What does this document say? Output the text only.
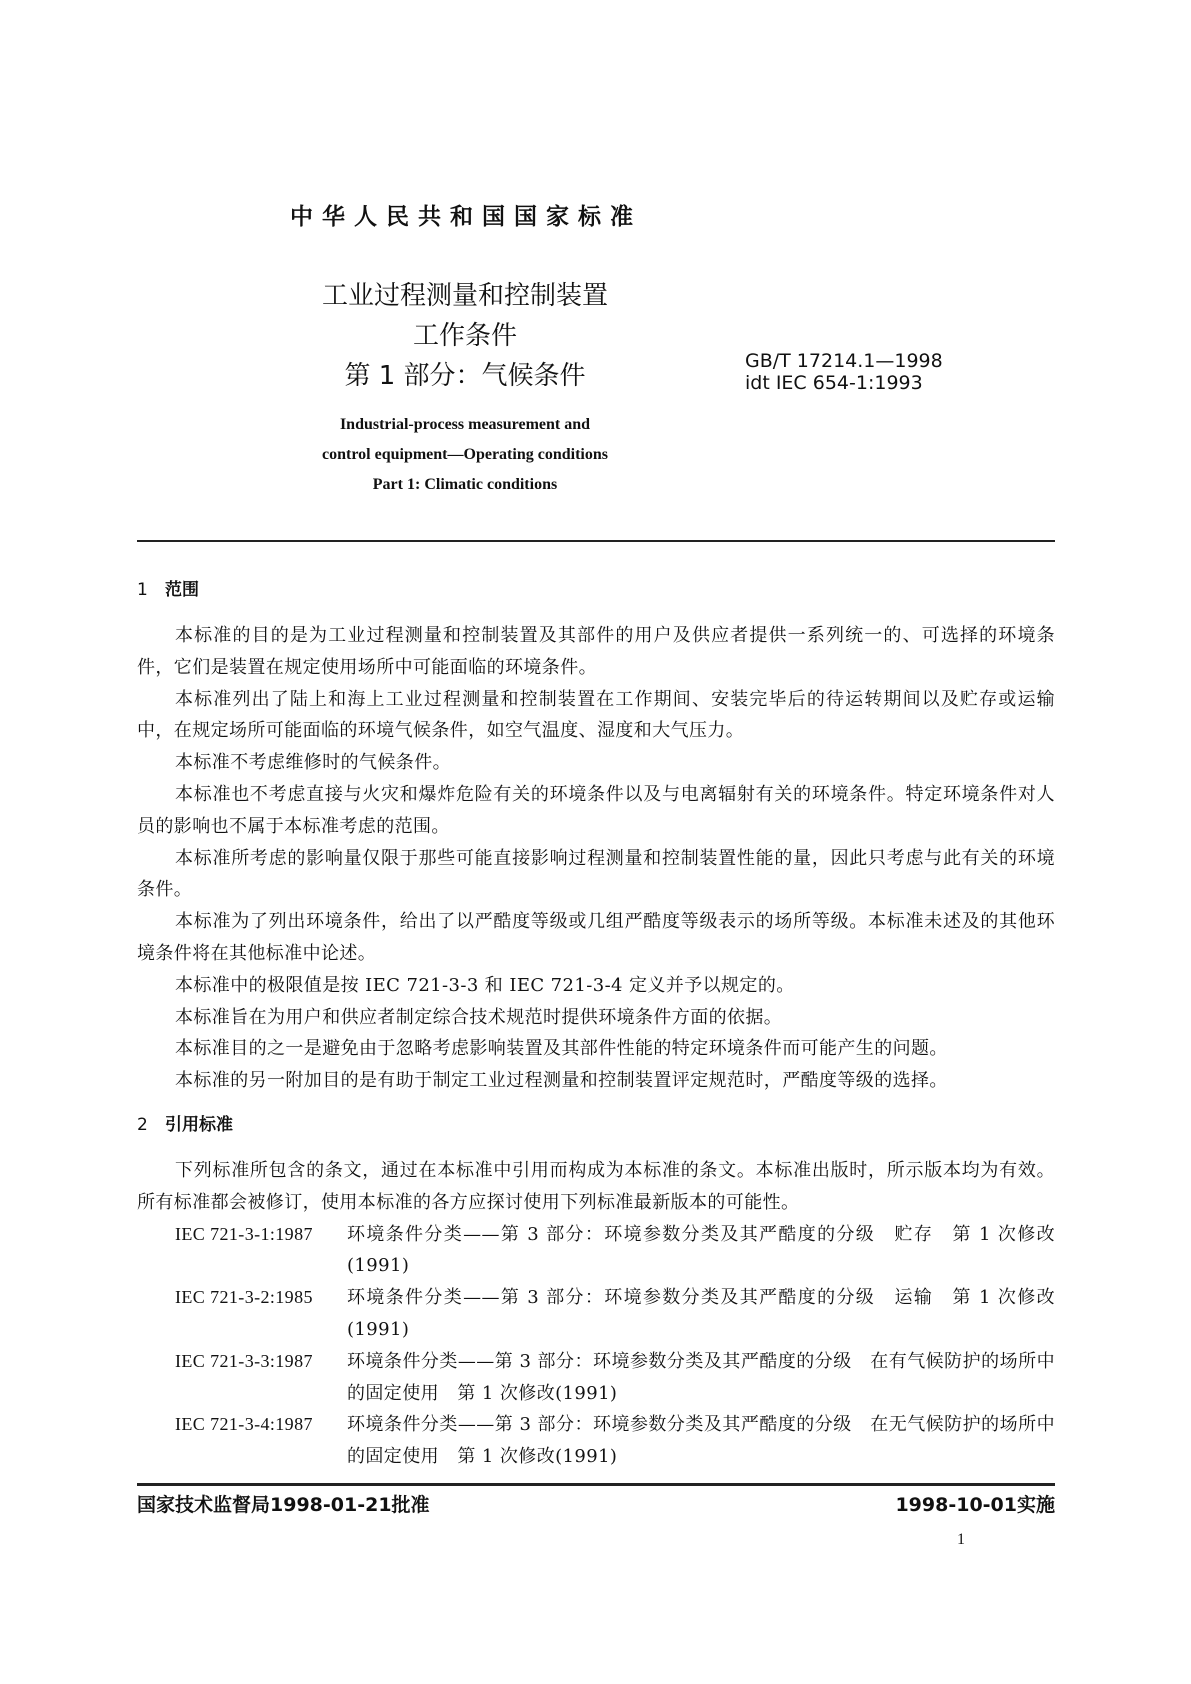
中华人民共和国国家标准
工业过程测量和控制装置
工作条件
第 1 部分：气候条件	GB/T 17214.1—1998
idt IEC 654-1:1993
Industrial-process measurement and
control equipment—Operating conditions
Part 1: Climatic conditions
1 范围

本标准的目的是为工业过程测量和控制装置及其部件的用户及供应者提供一系列统一的、可选择的环境条件，它们是装置在规定使用场所中可能面临的环境条件。

本标准列出了陆上和海上工业过程测量和控制装置在工作期间、安装完毕后的待运转期间以及贮存或运输中，在规定场所可能面临的环境气候条件，如空气温度、湿度和大气压力。

本标准不考虑维修时的气候条件。

本标准也不考虑直接与火灾和爆炸危险有关的环境条件以及与电离辐射有关的环境条件。特定环境条件对人员的影响也不属于本标准考虑的范围。

本标准所考虑的影响量仅限于那些可能直接影响过程测量和控制装置性能的量，因此只考虑与此有关的环境条件。

本标准为了列出环境条件，给出了以严酷度等级或几组严酷度等级表示的场所等级。本标准未述及的其他环境条件将在其他标准中论述。

本标准中的极限值是按 IEC 721-3-3 和 IEC 721-3-4 定义并予以规定的。

本标准旨在为用户和供应者制定综合技术规范时提供环境条件方面的依据。

本标准目的之一是避免由于忽略考虑影响装置及其部件性能的特定环境条件而可能产生的问题。

本标准的另一附加目的是有助于制定工业过程测量和控制装置评定规范时，严酷度等级的选择。

2 引用标准

下列标准所包含的条文，通过在本标准中引用而构成为本标准的条文。本标准出版时，所示版本均为有效。所有标准都会被修订，使用本标准的各方应探讨使用下列标准最新版本的可能性。

IEC 721-3-1:1987	环境条件分类——第 3 部分：环境参数分类及其严酷度的分级　贮存　第 1 次修改(1991)
IEC 721-3-2:1985	环境条件分类——第 3 部分：环境参数分类及其严酷度的分级　运输　第 1 次修改(1991)
IEC 721-3-3:1987	环境条件分类——第 3 部分：环境参数分类及其严酷度的分级　在有气候防护的场所中的固定使用　第 1 次修改(1991)
IEC 721-3-4:1987	环境条件分类——第 3 部分：环境参数分类及其严酷度的分级　在无气候防护的场所中的固定使用　第 1 次修改(1991)
国家技术监督局1998-01-21批准	1998-10-01实施
1
